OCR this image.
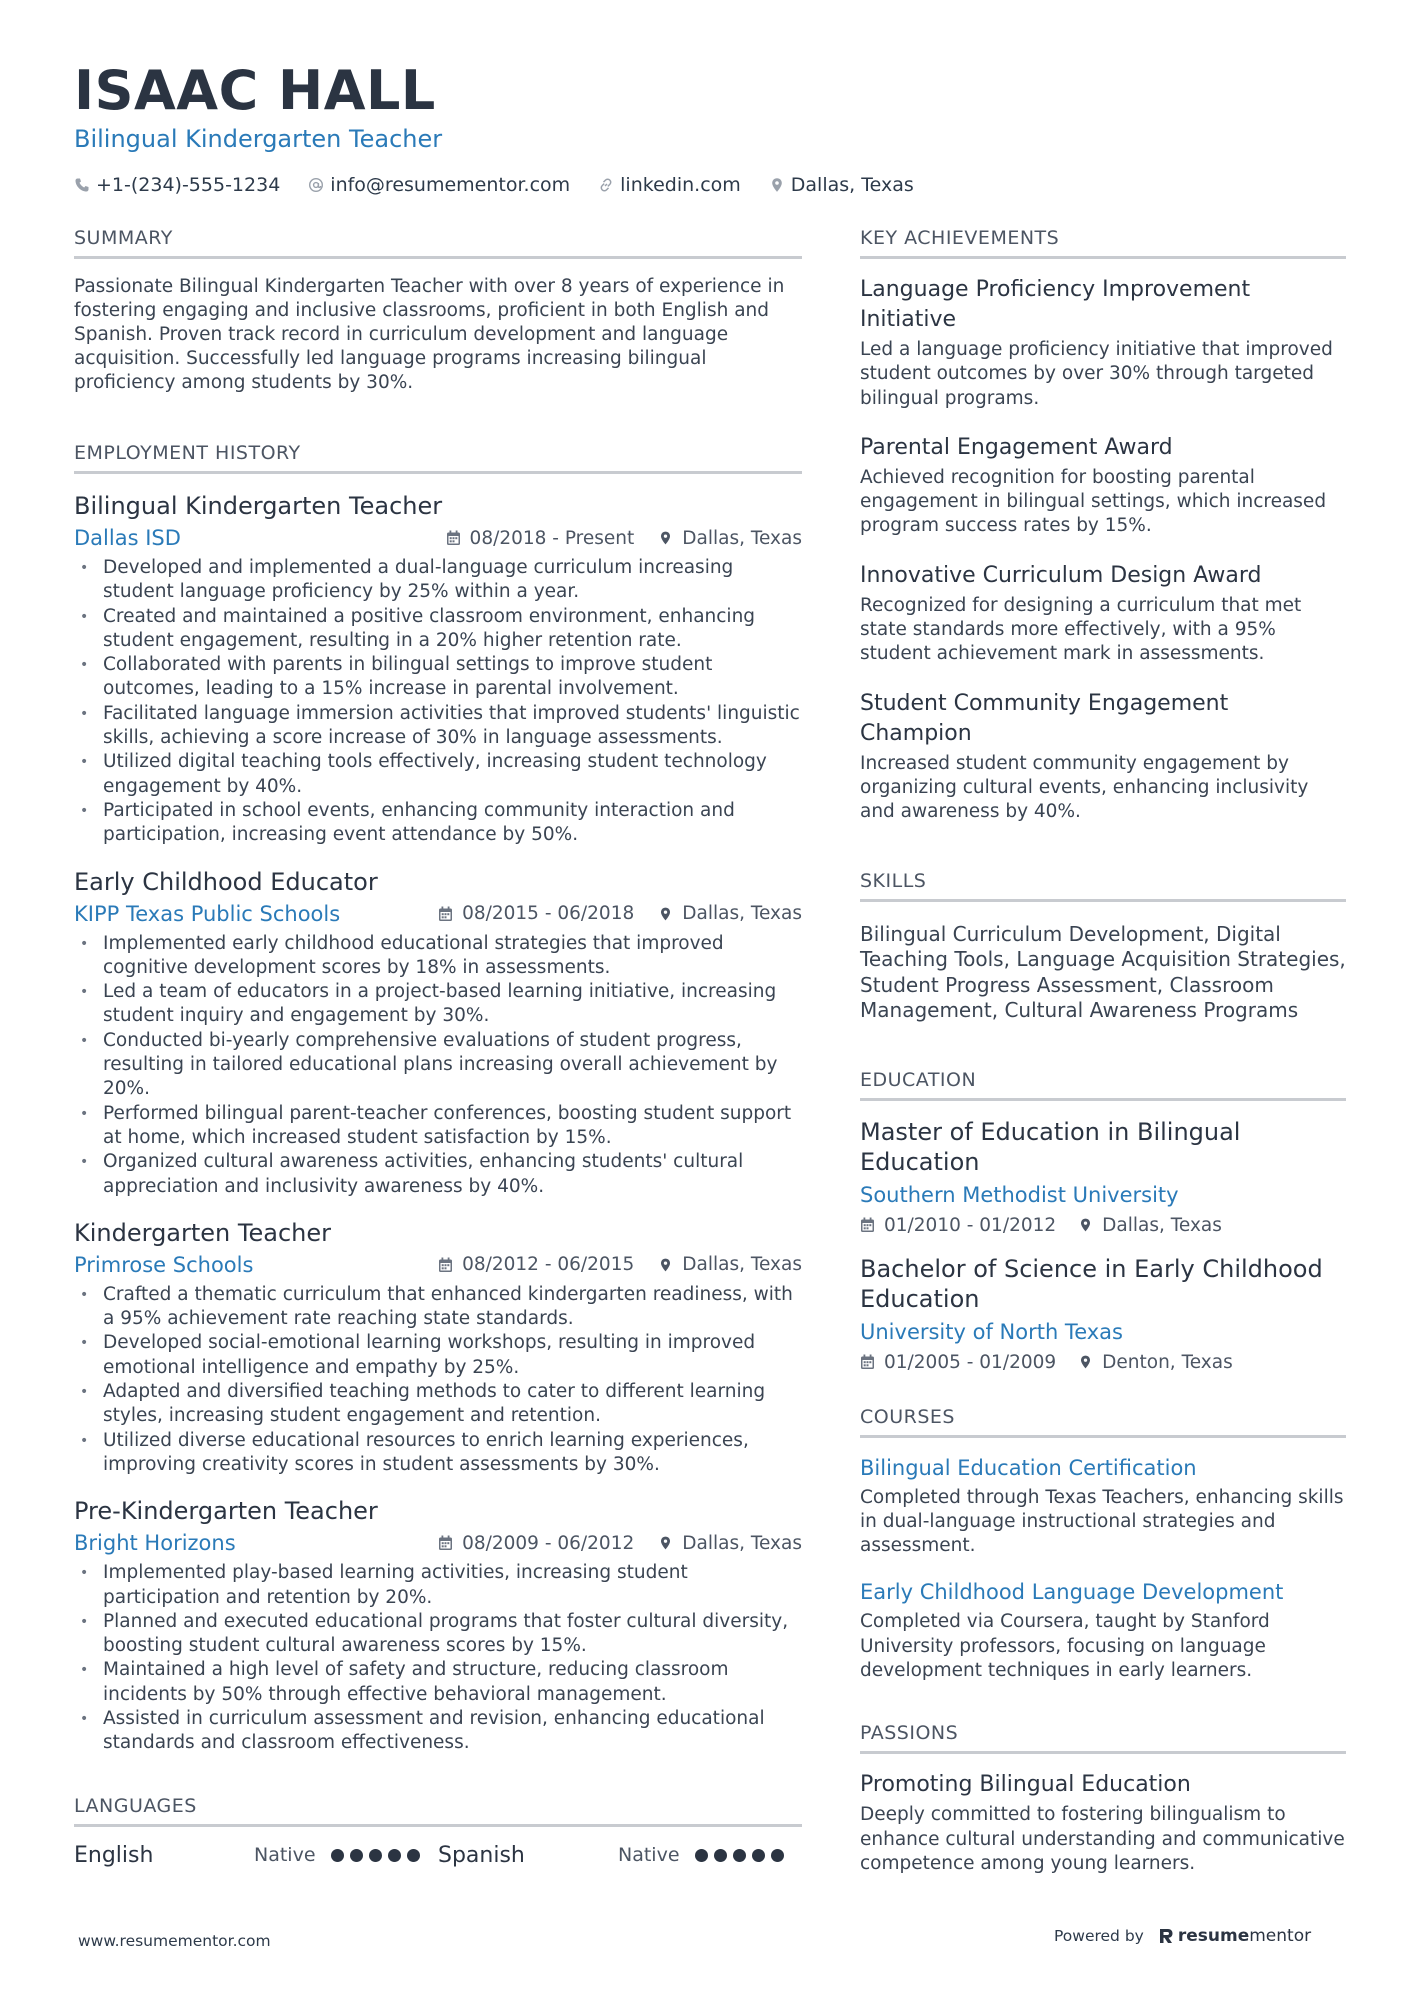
ISAAC HALL
Bilingual Kindergarten Teacher
+1-(234)-555-1234	info@resumementor.com	linkedin.com	Dallas, Texas
SUMMARY
Passionate Bilingual Kindergarten Teacher with over 8 years of experience in fostering engaging and inclusive classrooms, proficient in both English and Spanish. Proven track record in curriculum development and language acquisition. Successfully led language programs increasing bilingual proficiency among students by 30%.
EMPLOYMENT HISTORY
Bilingual Kindergarten Teacher
Dallas ISD	08/2018 - Present	Dallas, Texas
• Developed and implemented a dual-language curriculum increasing student language proficiency by 25% within a year.
• Created and maintained a positive classroom environment, enhancing student engagement, resulting in a 20% higher retention rate.
• Collaborated with parents in bilingual settings to improve student outcomes, leading to a 15% increase in parental involvement.
• Facilitated language immersion activities that improved students' linguistic skills, achieving a score increase of 30% in language assessments.
• Utilized digital teaching tools effectively, increasing student technology engagement by 40%.
• Participated in school events, enhancing community interaction and participation, increasing event attendance by 50%.
Early Childhood Educator
KIPP Texas Public Schools	08/2015 - 06/2018	Dallas, Texas
• Implemented early childhood educational strategies that improved cognitive development scores by 18% in assessments.
• Led a team of educators in a project-based learning initiative, increasing student inquiry and engagement by 30%.
• Conducted bi-yearly comprehensive evaluations of student progress, resulting in tailored educational plans increasing overall achievement by 20%.
• Performed bilingual parent-teacher conferences, boosting student support at home, which increased student satisfaction by 15%.
• Organized cultural awareness activities, enhancing students' cultural appreciation and inclusivity awareness by 40%.
Kindergarten Teacher
Primrose Schools	08/2012 - 06/2015	Dallas, Texas
• Crafted a thematic curriculum that enhanced kindergarten readiness, with a 95% achievement rate reaching state standards.
• Developed social-emotional learning workshops, resulting in improved emotional intelligence and empathy by 25%.
• Adapted and diversified teaching methods to cater to different learning styles, increasing student engagement and retention.
• Utilized diverse educational resources to enrich learning experiences, improving creativity scores in student assessments by 30%.
Pre-Kindergarten Teacher
Bright Horizons	08/2009 - 06/2012	Dallas, Texas
• Implemented play-based learning activities, increasing student participation and retention by 20%.
• Planned and executed educational programs that foster cultural diversity, boosting student cultural awareness scores by 15%.
• Maintained a high level of safety and structure, reducing classroom incidents by 50% through effective behavioral management.
• Assisted in curriculum assessment and revision, enhancing educational standards and classroom effectiveness.
LANGUAGES
English	Native	Spanish	Native
KEY ACHIEVEMENTS
Language Proficiency Improvement Initiative
Led a language proficiency initiative that improved student outcomes by over 30% through targeted bilingual programs.
Parental Engagement Award
Achieved recognition for boosting parental engagement in bilingual settings, which increased program success rates by 15%.
Innovative Curriculum Design Award
Recognized for designing a curriculum that met state standards more effectively, with a 95% student achievement mark in assessments.
Student Community Engagement Champion
Increased student community engagement by organizing cultural events, enhancing inclusivity and awareness by 40%.
SKILLS
Bilingual Curriculum Development, Digital Teaching Tools, Language Acquisition Strategies, Student Progress Assessment, Classroom Management, Cultural Awareness Programs
EDUCATION
Master of Education in Bilingual Education
Southern Methodist University
01/2010 - 01/2012 Dallas, Texas
Bachelor of Science in Early Childhood Education
University of North Texas
01/2005 - 01/2009 Denton, Texas
COURSES
Bilingual Education Certification
Completed through Texas Teachers, enhancing skills in dual-language instructional strategies and assessment.
Early Childhood Language Development
Completed via Coursera, taught by Stanford University professors, focusing on language development techniques in early learners.
PASSIONS
Promoting Bilingual Education
Deeply committed to fostering bilingualism to enhance cultural understanding and communicative competence among young learners.
www.resumementor.com	Powered by resumementor
